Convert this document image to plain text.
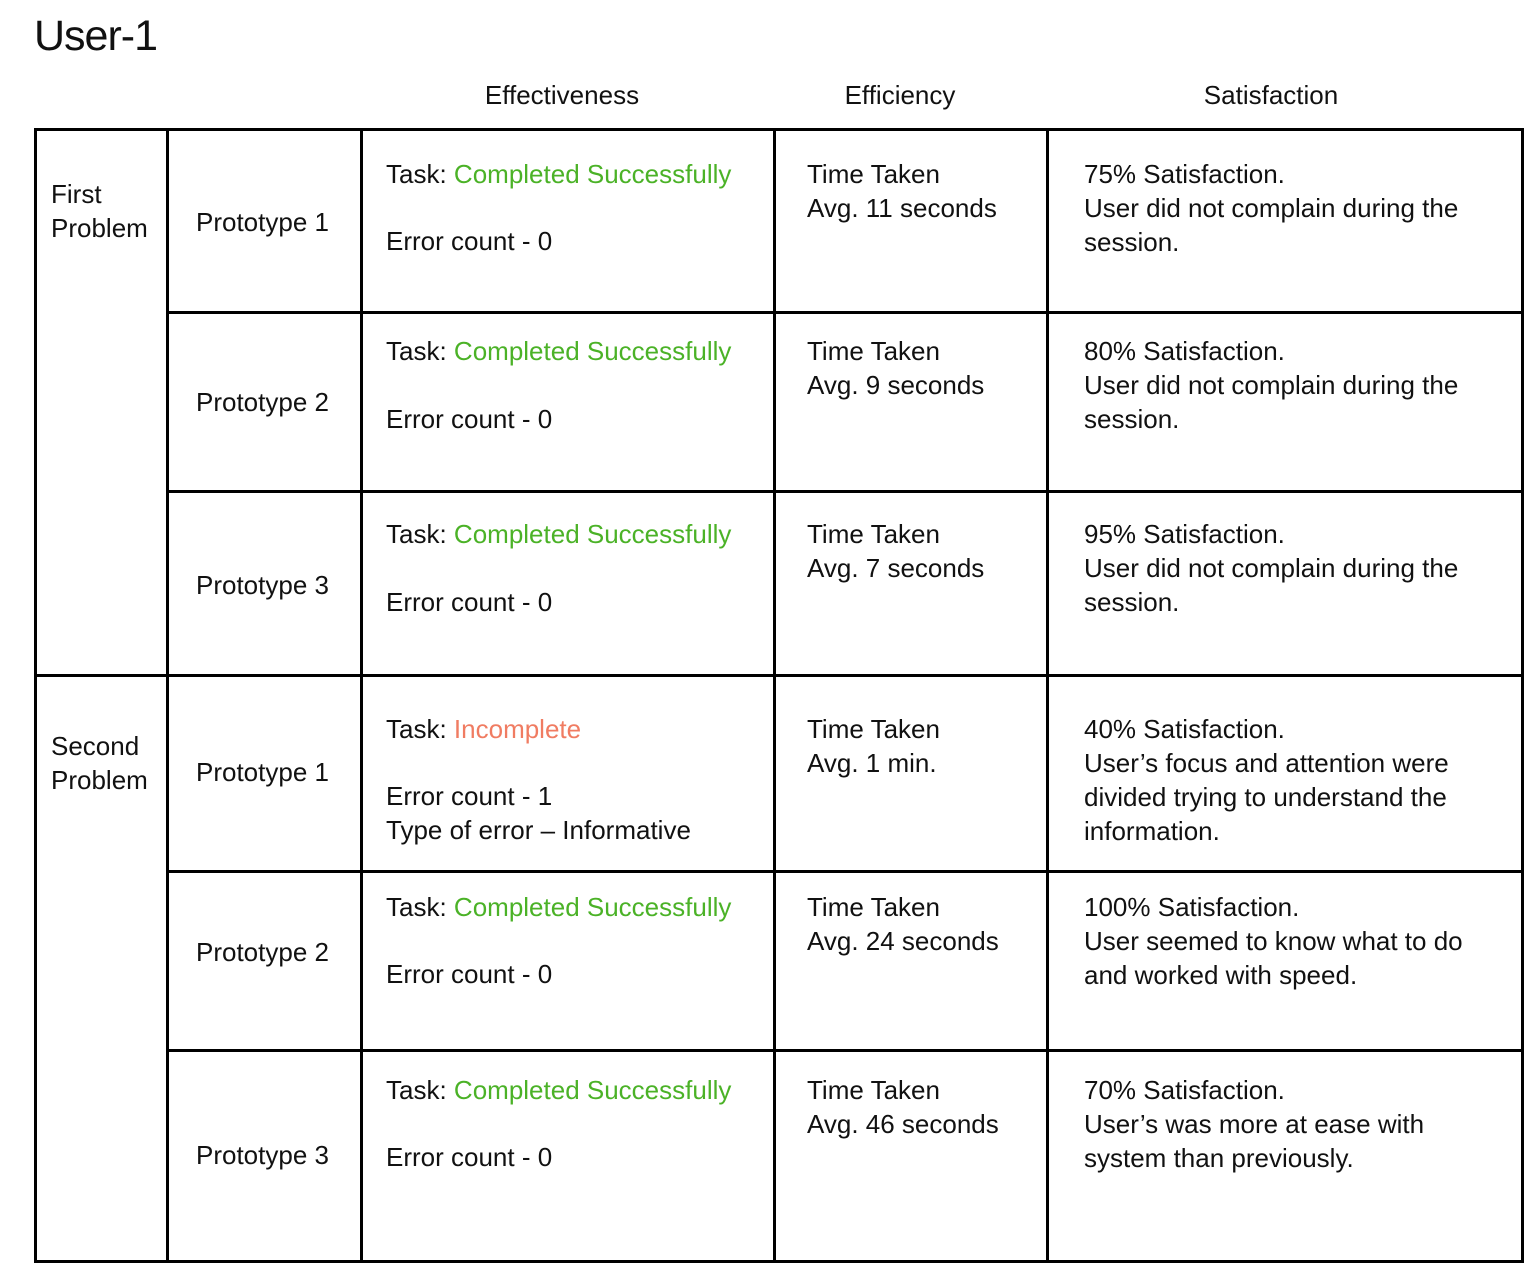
User-1
Effectiveness	Efficiency	Satisfaction
First
Problem
Second
Problem
Prototype 1
Task: Completed Successfully
Error count - 0
Time Taken
Avg. 11 seconds
75% Satisfaction.
User did not complain during the
session.
Prototype 2
Task: Completed Successfully
Error count - 0
Time Taken
Avg. 9 seconds
80% Satisfaction.
User did not complain during the
session.
Prototype 3
Task: Completed Successfully
Error count - 0
Time Taken
Avg. 7 seconds
95% Satisfaction.
User did not complain during the
session.
Prototype 1
Task: Incomplete
Error count - 1
Type of error – Informative
Time Taken
Avg. 1 min.
40% Satisfaction.
User’s focus and attention were
divided trying to understand the
information.
Prototype 2
Task: Completed Successfully
Error count - 0
Time Taken
Avg. 24 seconds
100% Satisfaction.
User seemed to know what to do
and worked with speed.
Prototype 3
Task: Completed Successfully
Error count - 0
Time Taken
Avg. 46 seconds
70% Satisfaction.
User’s was more at ease with
system than previously.
